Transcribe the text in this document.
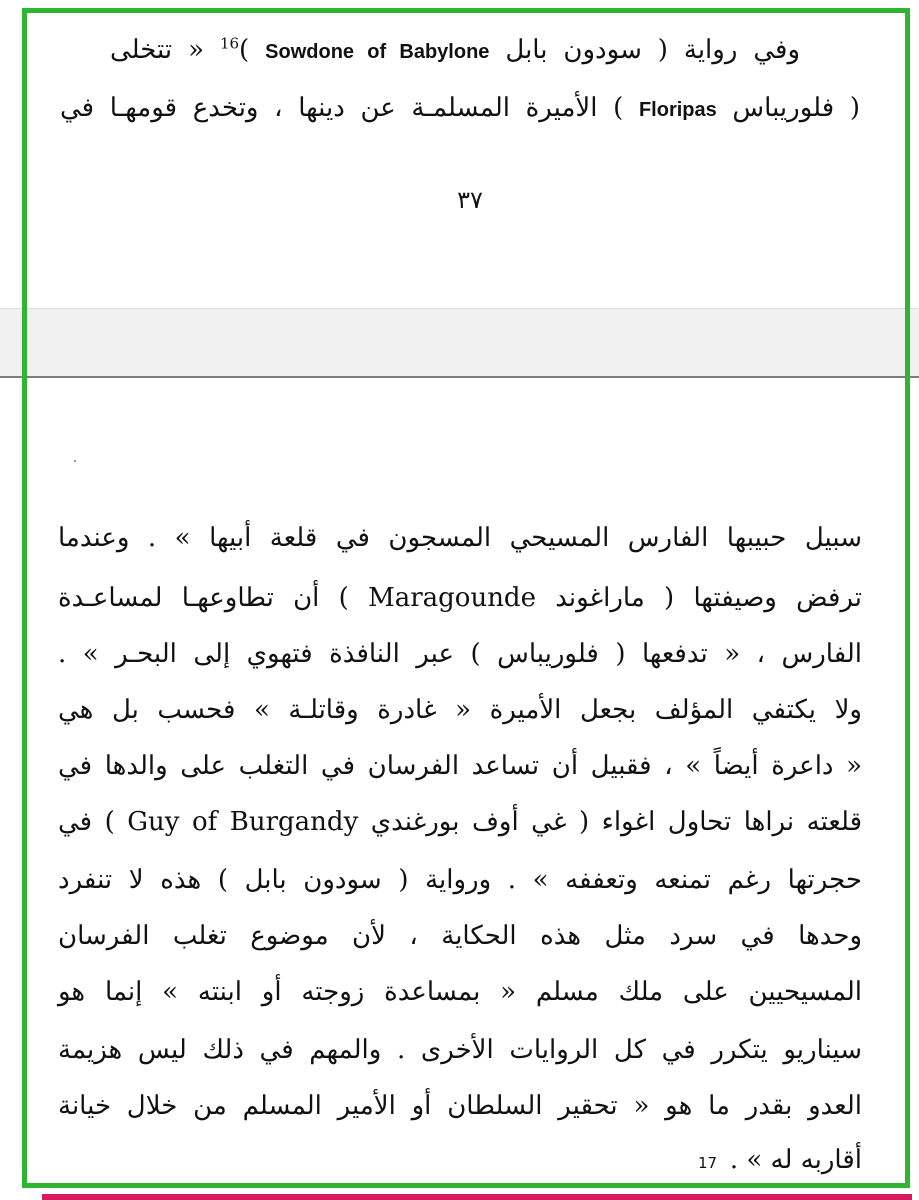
وفي رواية ( سودون بابل Sowdone of Babylone )$^{16}$ « تتخلى
( فلوريباس Floripas ) الأميرة المسلمـة عن دينها ، وتخدع قومهـا في
٣٧
سبيل حبيبها الفارس المسيحي المسجون في قلعة أبيها » . وعندما
ترفض وصيفتها ( ماراغوند Maragounde ) أن تطاوعهـا لمساعـدة
الفارس ، « تدفعها ( فلوريباس ) عبر النافذة فتهوي إلى البحـر » .
ولا يكتفي المؤلف بجعل الأميرة « غادرة وقاتلـة » فحسب بل هي
« داعرة أيضاً » ، فقبيل أن تساعد الفرسان في التغلب على والدها في
قلعته نراها تحاول اغواء ( غي أوف بورغندي Guy of Burgandy ) في
حجرتها رغم تمنعه وتعففه » . ورواية ( سودون بابل ) هذه لا تنفرد
وحدها في سرد مثل هذه الحكاية ، لأن موضوع تغلب الفرسان
المسيحيين على ملك مسلم « بمساعدة زوجته أو ابنته » إنما هو
سيناريو يتكرر في كل الروايات الأخرى . والمهم في ذلك ليس هزيمة
العدو بقدر ما هو « تحقير السلطان أو الأمير المسلم من خلال خيانة
أقاربه له » .
17
